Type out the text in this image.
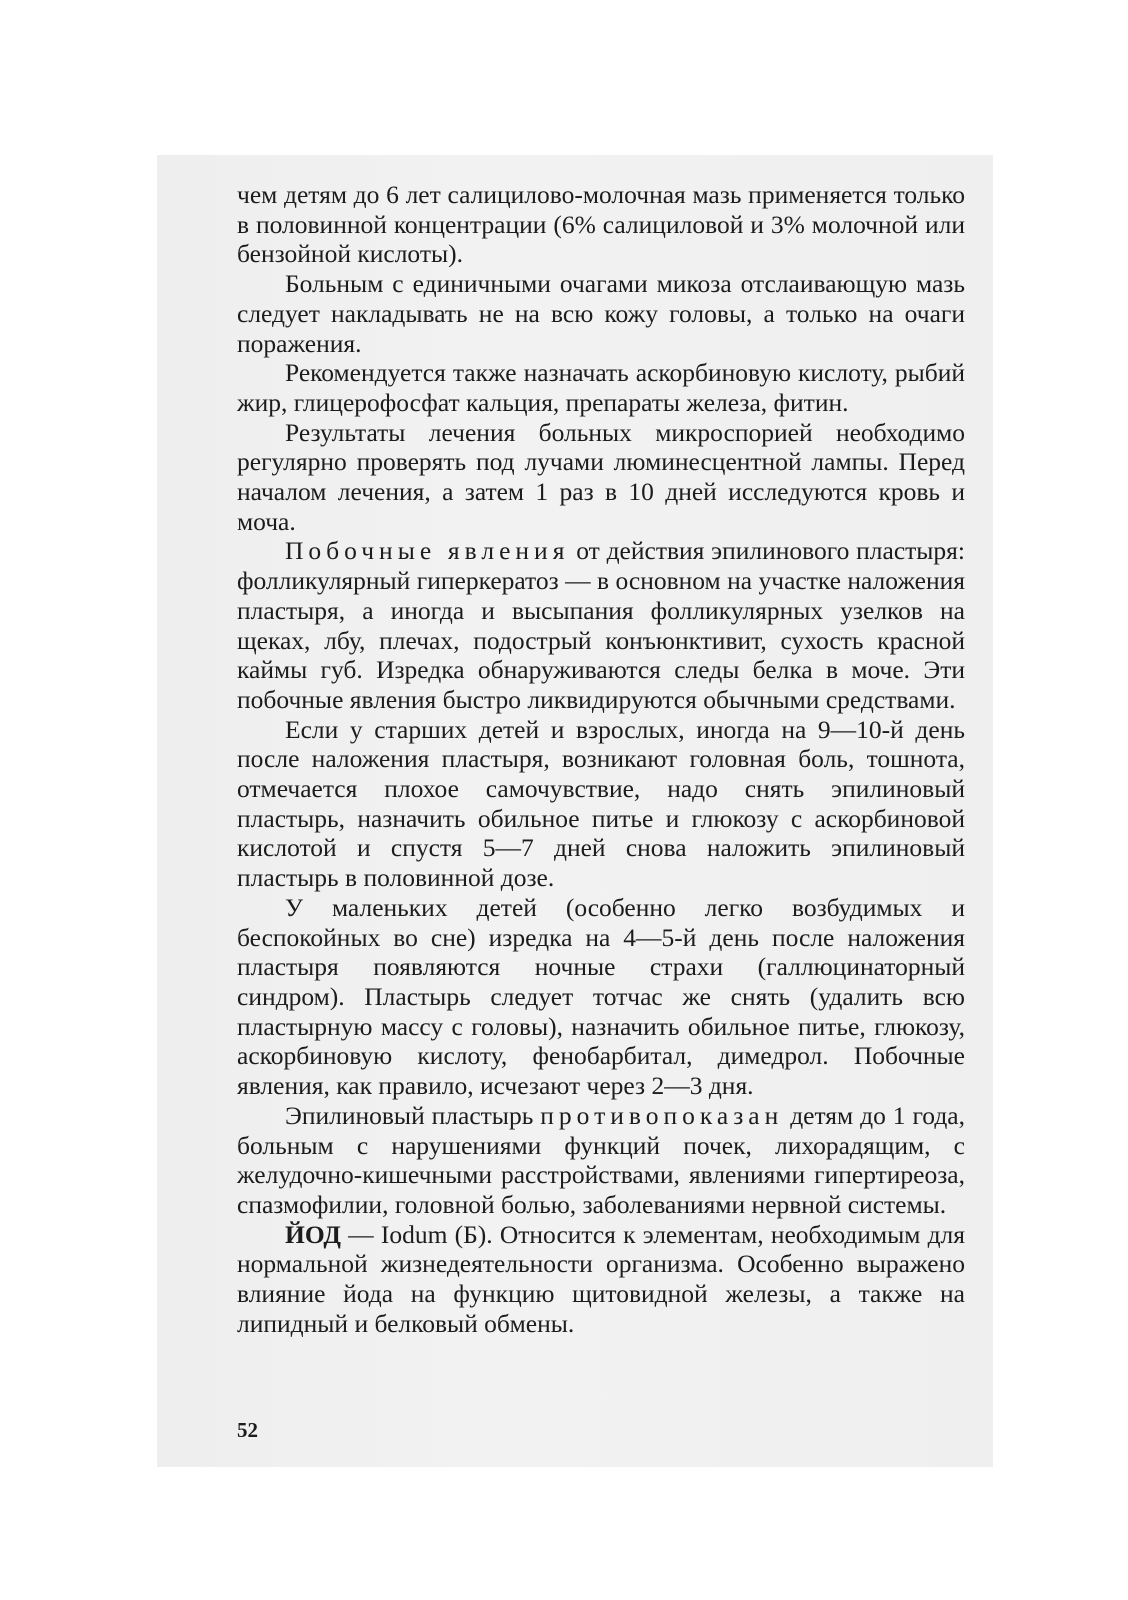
чем детям до 6 лет салицилово-молочная мазь применяется только в половинной концентрации (6% салициловой и 3% молочной или бензойной кислоты).

Больным с единичными очагами микоза отслаивающую мазь следует накладывать не на всю кожу головы, а только на очаги поражения.

Рекомендуется также назначать аскорбиновую кислоту, рыбий жир, глицерофосфат кальция, препараты железа, фитин.

Результаты лечения больных микроспорией необходимо регулярно проверять под лучами люминесцентной лампы. Перед началом лечения, а затем 1 раз в 10 дней исследуются кровь и моча.

Побочные явления от действия эпилинового пластыря: фолликулярный гиперкератоз — в основном на участке наложения пластыря, а иногда и высыпания фолликулярных узелков на щеках, лбу, плечах, подострый конъюнктивит, сухость красной каймы губ. Изредка обнаруживаются следы белка в моче. Эти побочные явления быстро ликвидируются обычными средствами.

Если у старших детей и взрослых, иногда на 9—10-й день после наложения пластыря, возникают головная боль, тошнота, отмечается плохое самочувствие, надо снять эпилиновый пластырь, назначить обильное питье и глюкозу с аскорбиновой кислотой и спустя 5—7 дней снова наложить эпилиновый пластырь в половинной дозе.

У маленьких детей (особенно легко возбудимых и беспокойных во сне) изредка на 4—5-й день после наложения пластыря появляются ночные страхи (галлюцинаторный синдром). Пластырь следует тотчас же снять (удалить всю пластырную массу с головы), назначить обильное питье, глюкозу, аскорбиновую кислоту, фенобарбитал, димедрол. Побочные явления, как правило, исчезают через 2—3 дня.

Эпилиновый пластырь противопоказан детям до 1 года, больным с нарушениями функций почек, лихорадящим, с желудочно-кишечными расстройствами, явлениями гипертиреоза, спазмофилии, головной болью, заболеваниями нервной системы.

ЙОД — Iodum (Б). Относится к элементам, необходимым для нормальной жизнедеятельности организма. Особенно выражено влияние йода на функцию щитовидной железы, а также на липидный и белковый обмены.

52
